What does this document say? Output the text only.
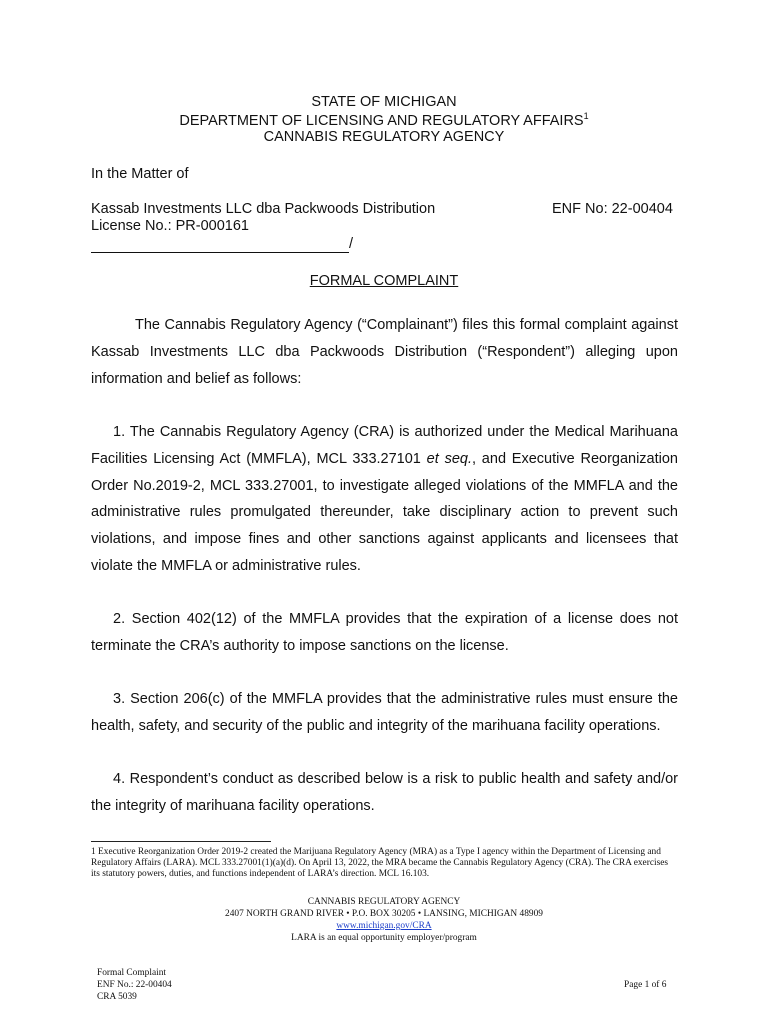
STATE OF MICHIGAN
DEPARTMENT OF LICENSING AND REGULATORY AFFAIRS$^1$
CANNABIS REGULATORY AGENCY
In the Matter of
Kassab Investments LLC dba Packwoods Distribution	ENF No: 22-00404
License No.: PR-000161
/
FORMAL COMPLAINT
The Cannabis Regulatory Agency (“Complainant”) files this formal complaint against Kassab Investments LLC dba Packwoods Distribution (“Respondent”) alleging upon information and belief as follows:
1. The Cannabis Regulatory Agency (CRA) is authorized under the Medical Marihuana Facilities Licensing Act (MMFLA), MCL 333.27101 et seq., and Executive Reorganization Order No.2019-2, MCL 333.27001, to investigate alleged violations of the MMFLA and the administrative rules promulgated thereunder, take disciplinary action to prevent such violations, and impose fines and other sanctions against applicants and licensees that violate the MMFLA or administrative rules.
2. Section 402(12) of the MMFLA provides that the expiration of a license does not terminate the CRA’s authority to impose sanctions on the license.
3. Section 206(c) of the MMFLA provides that the administrative rules must ensure the health, safety, and security of the public and integrity of the marihuana facility operations.
4. Respondent’s conduct as described below is a risk to public health and safety and/or the integrity of marihuana facility operations.
1 Executive Reorganization Order 2019-2 created the Marijuana Regulatory Agency (MRA) as a Type I agency within the Department of Licensing and Regulatory Affairs (LARA). MCL 333.27001(1)(a)(d). On April 13, 2022, the MRA became the Cannabis Regulatory Agency (CRA). The CRA exercises its statutory powers, duties, and functions independent of LARA’s direction. MCL 16.103.
CANNABIS REGULATORY AGENCY
2407 NORTH GRAND RIVER • P.O. BOX 30205 • LANSING, MICHIGAN 48909
www.michigan.gov/CRA
LARA is an equal opportunity employer/program
Formal Complaint
ENF No.: 22-00404
CRA 5039
Page 1 of 6
